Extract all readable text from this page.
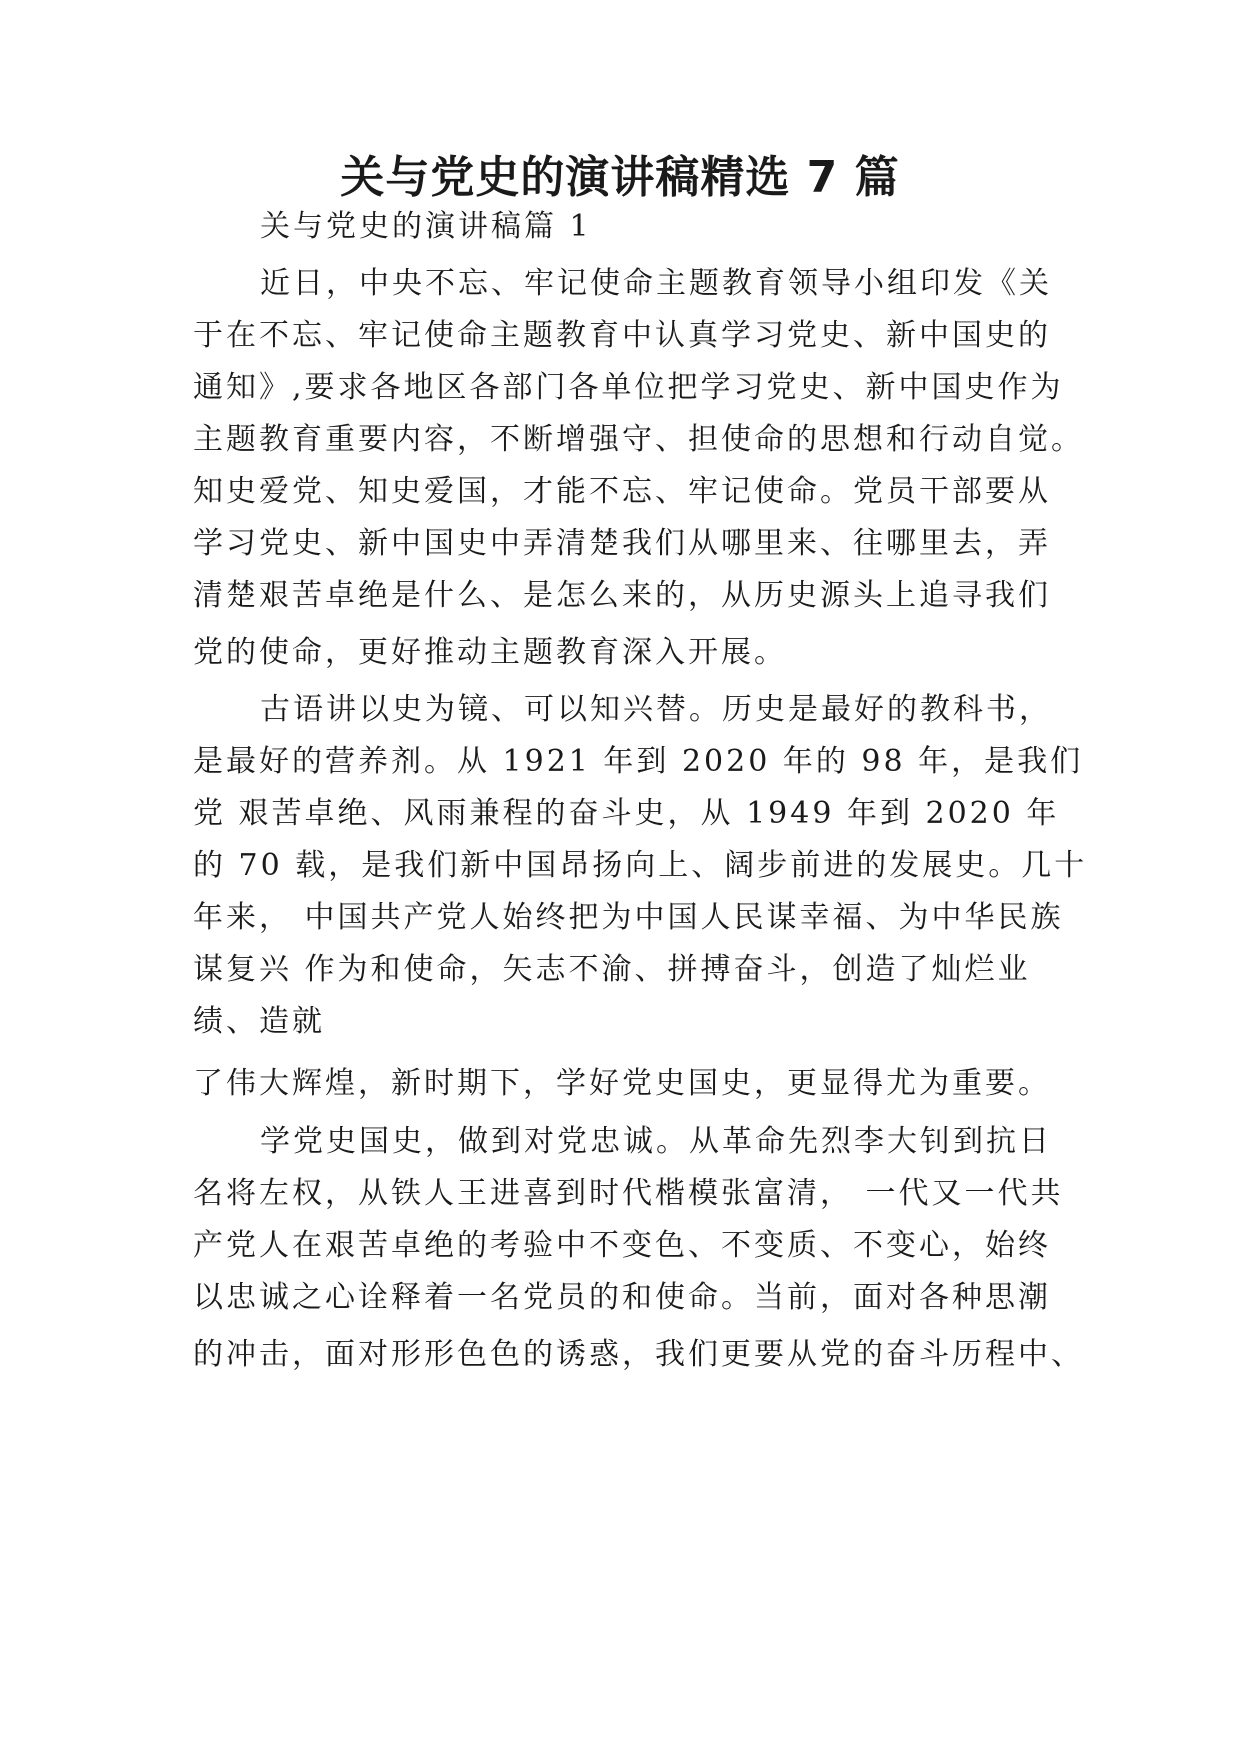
关与党史的演讲稿精选 7 篇
关与党史的演讲稿篇 1
近日，中央不忘、牢记使命主题教育领导小组印发《关
于在不忘、牢记使命主题教育中认真学习党史、新中国史的
通知》,要求各地区各部门各单位把学习党史、新中国史作为
主题教育重要内容，不断增强守、担使命的思想和行动自觉。
知史爱党、知史爱国，才能不忘、牢记使命。党员干部要从
学习党史、新中国史中弄清楚我们从哪里来、往哪里去，弄
清楚艰苦卓绝是什么、是怎么来的，从历史源头上追寻我们
党的使命，更好推动主题教育深入开展。
古语讲以史为镜、可以知兴替。历史是最好的教科书，
是最好的营养剂。从 1921 年到 2020 年的 98 年，是我们
党 艰苦卓绝、风雨兼程的奋斗史，从 1949 年到 2020 年
的 70 载，是我们新中国昂扬向上、阔步前进的发展史。几十
年来， 中国共产党人始终把为中国人民谋幸福、为中华民族
谋复兴 作为和使命，矢志不渝、拼搏奋斗，创造了灿烂业
绩、造就
了伟大辉煌，新时期下，学好党史国史，更显得尤为重要。
学党史国史，做到对党忠诚。从革命先烈李大钊到抗日
名将左权，从铁人王进喜到时代楷模张富清， 一代又一代共
产党人在艰苦卓绝的考验中不变色、不变质、不变心，始终
以忠诚之心诠释着一名党员的和使命。当前，面对各种思潮
的冲击，面对形形色色的诱惑，我们更要从党的奋斗历程中、
